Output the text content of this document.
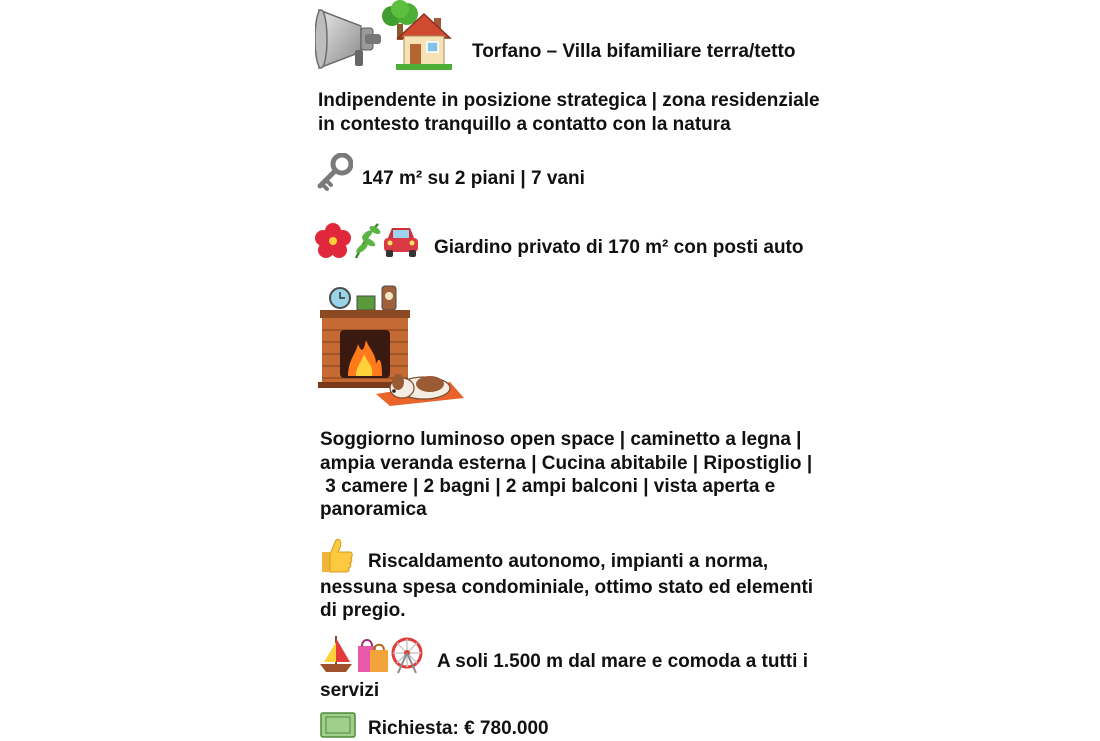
Torfano – Villa bifamiliare terra/tetto

Indipendente in posizione strategica | zona residenziale

in contesto tranquillo a contatto con la natura

147 m² su 2 piani | 7 vani

Giardino privato di 170 m² con posti auto

Soggiorno luminoso open space | caminetto a legna |

ampia veranda esterna | Cucina abitabile | Ripostiglio |

3 camere | 2 bagni | 2 ampi balconi | vista aperta e

panoramica

Riscaldamento autonomo, impianti a norma,

nessuna spesa condominiale, ottimo stato ed elementi

di pregio.

A soli 1.500 m dal mare e comoda a tutti i

servizi

Richiesta: € 780.000
